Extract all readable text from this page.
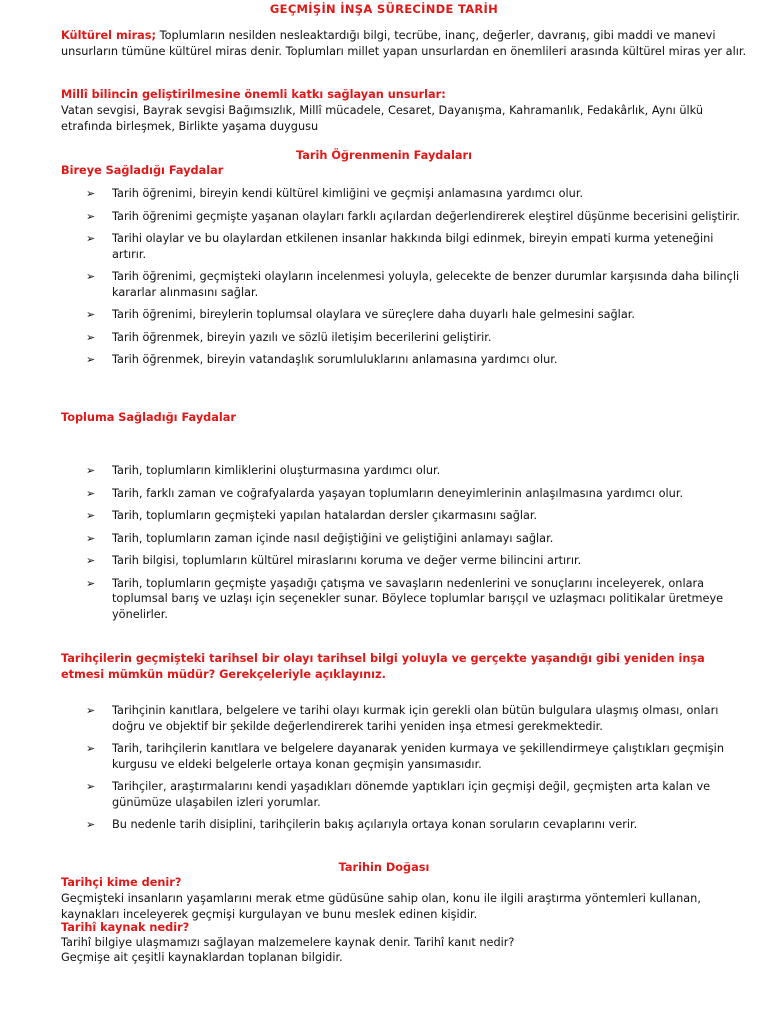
GEÇMİŞİN İNŞA SÜRECİNDE TARİH
Kültürel miras; Toplumların nesilden nesleaktardığı bilgi, tecrübe, inanç, değerler, davranış, gibi maddi ve manevi unsurların tümüne kültürel miras denir. Toplumları millet yapan unsurlardan en önemlileri arasında kültürel miras yer alır.
Millî bilincin geliştirilmesine önemli katkı sağlayan unsurlar:
Vatan sevgisi, Bayrak sevgisi Bağımsızlık, Millî mücadele, Cesaret, Dayanışma, Kahramanlık, Fedakârlık, Aynı ülkü etrafında birleşmek, Birlikte yaşama duygusu
Tarih Öğrenmenin Faydaları
Bireye Sağladığı Faydalar
➢ Tarih öğrenimi, bireyin kendi kültürel kimliğini ve geçmişi anlamasına yardımcı olur.
➢ Tarih öğrenimi geçmişte yaşanan olayları farklı açılardan değerlendirerek eleştirel düşünme becerisini geliştirir.
➢ Tarihi olaylar ve bu olaylardan etkilenen insanlar hakkında bilgi edinmek, bireyin empati kurma yeteneğini artırır.
➢ Tarih öğrenimi, geçmişteki olayların incelenmesi yoluyla, gelecekte de benzer durumlar karşısında daha bilinçli kararlar alınmasını sağlar.
➢ Tarih öğrenimi, bireylerin toplumsal olaylara ve süreçlere daha duyarlı hale gelmesini sağlar.
➢ Tarih öğrenmek, bireyin yazılı ve sözlü iletişim becerilerini geliştirir.
➢ Tarih öğrenmek, bireyin vatandaşlık sorumluluklarını anlamasına yardımcı olur.
Topluma Sağladığı Faydalar
➢ Tarih, toplumların kimliklerini oluşturmasına yardımcı olur.
➢ Tarih, farklı zaman ve coğrafyalarda yaşayan toplumların deneyimlerinin anlaşılmasına yardımcı olur.
➢ Tarih, toplumların geçmişteki yapılan hatalardan dersler çıkarmasını sağlar.
➢ Tarih, toplumların zaman içinde nasıl değiştiğini ve geliştiğini anlamayı sağlar.
➢ Tarih bilgisi, toplumların kültürel miraslarını koruma ve değer verme bilincini artırır.
➢ Tarih, toplumların geçmişte yaşadığı çatışma ve savaşların nedenlerini ve sonuçlarını inceleyerek, onlara toplumsal barış ve uzlaşı için seçenekler sunar. Böylece toplumlar barışçıl ve uzlaşmacı politikalar üretmeye yönelirler.
Tarihçilerin geçmişteki tarihsel bir olayı tarihsel bilgi yoluyla ve gerçekte yaşandığı gibi yeniden inşa etmesi mümkün müdür? Gerekçeleriyle açıklayınız.
➢ Tarihçinin kanıtlara, belgelere ve tarihi olayı kurmak için gerekli olan bütün bulgulara ulaşmış olması, onları doğru ve objektif bir şekilde değerlendirerek tarihi yeniden inşa etmesi gerekmektedir.
➢ Tarih, tarihçilerin kanıtlara ve belgelere dayanarak yeniden kurmaya ve şekillendirmeye çalıştıkları geçmişin kurgusu ve eldeki belgelerle ortaya konan geçmişin yansımasıdır.
➢ Tarihçiler, araştırmalarını kendi yaşadıkları dönemde yaptıkları için geçmişi değil, geçmişten arta kalan ve günümüze ulaşabilen izleri yorumlar.
➢ Bu nedenle tarih disiplini, tarihçilerin bakış açılarıyla ortaya konan soruların cevaplarını verir.
Tarihin Doğası
Tarihçi kime denir?
Geçmişteki insanların yaşamlarını merak etme güdüsüne sahip olan, konu ile ilgili araştırma yöntemleri kullanan, kaynakları inceleyerek geçmişi kurgulayan ve bunu meslek edinen kişidir.
Tarihî kaynak nedir?
Tarihî bilgiye ulaşmamızı sağlayan malzemelere kaynak denir. Tarihî kanıt nedir?
Geçmişe ait çeşitli kaynaklardan toplanan bilgidir.
